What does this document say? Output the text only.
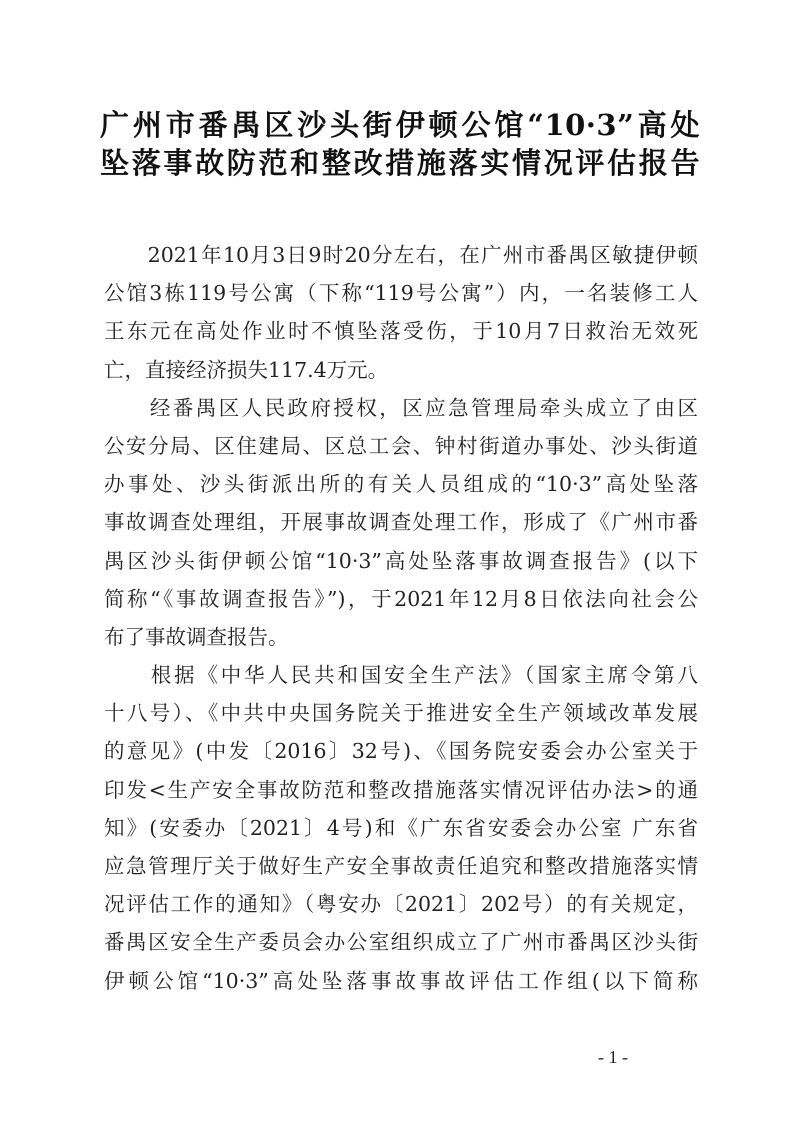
广州市番禺区沙头街伊顿公馆“10·3”高处
坠落事故防范和整改措施落实情况评估报告
　　2021年10月3日9时20分左右，在广州市番禺区敏捷伊顿
公馆3栋119号公寓（下称“119号公寓”）内，一名装修工人
王东元在高处作业时不慎坠落受伤，于10月7日救治无效死
亡，直接经济损失117.4万元。
　　经番禺区人民政府授权，区应急管理局牵头成立了由区
公安分局、区住建局、区总工会、钟村街道办事处、沙头街道
办事处、沙头街派出所的有关人员组成的“10·3”高处坠落
事故调查处理组，开展事故调查处理工作，形成了《广州市番
禺区沙头街伊顿公馆“10·3”高处坠落事故调查报告》(以下
简称“《事故调查报告》”)，于2021年12月8日依法向社会公
布了事故调查报告。
　　根据《中华人民共和国安全生产法》（国家主席令第八
十八号）、《中共中央国务院关于推进安全生产领域改革发展
的意见》(中发〔2016〕32号)、《国务院安委会办公室关于
印发<生产安全事故防范和整改措施落实情况评估办法>的通
知》(安委办〔2021〕4号)和《广东省安委会办公室 广东省
应急管理厅关于做好生产安全事故责任追究和整改措施落实情
况评估工作的通知》（粤安办〔2021〕202号）的有关规定，
番禺区安全生产委员会办公室组织成立了广州市番禺区沙头街
伊顿公馆“10·3”高处坠落事故事故评估工作组(以下简称
- 1 -
